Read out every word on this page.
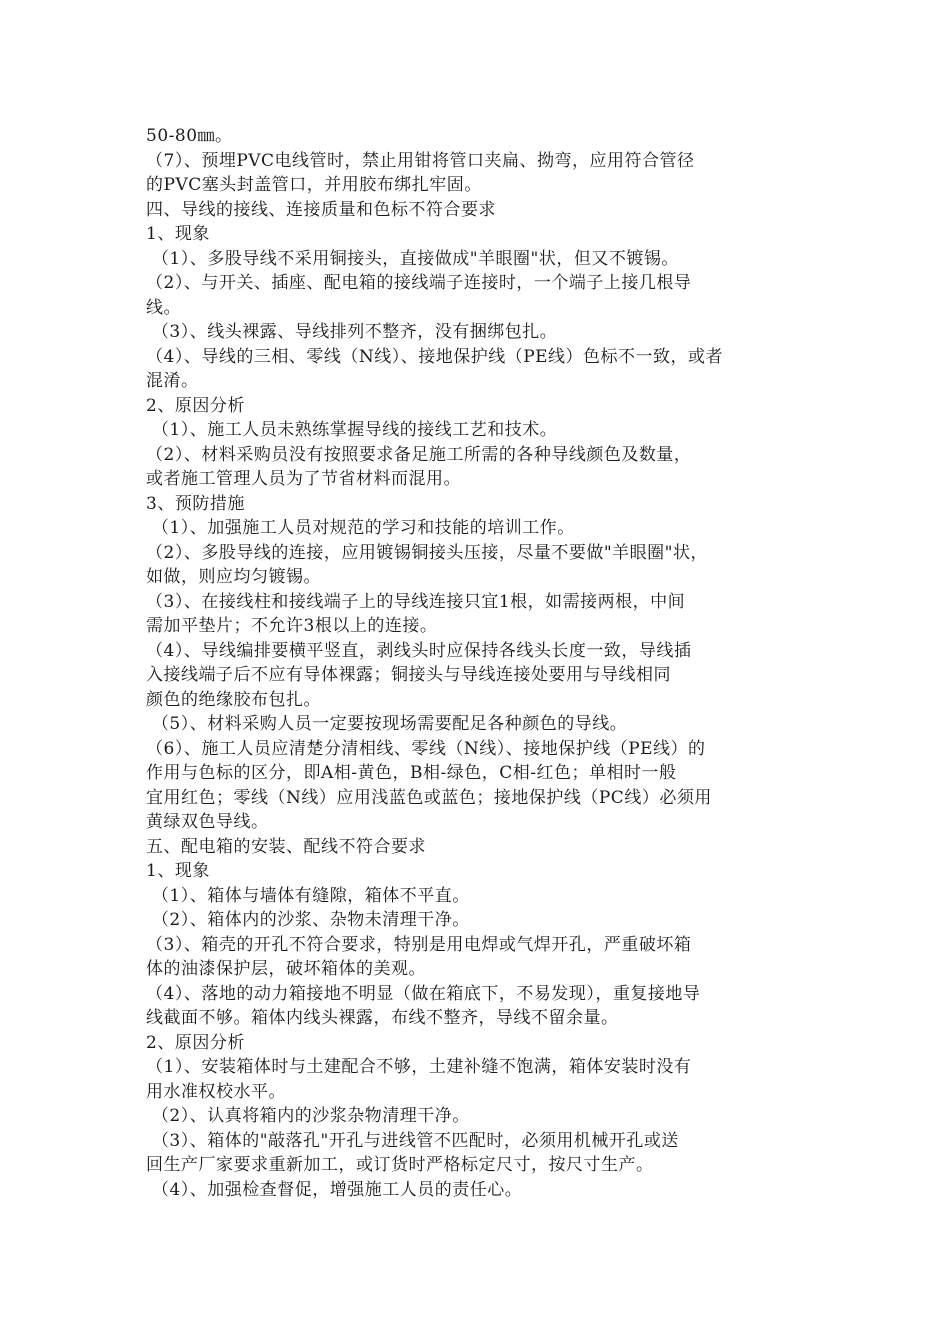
50-80㎜。
（7）、预埋PVC电线管时，禁止用钳将管口夹扁、拗弯，应用符合管径
的PVC塞头封盖管口，并用胶布绑扎牢固。
四、导线的接线、连接质量和色标不符合要求
1、现象
（1）、多股导线不采用铜接头，直接做成"羊眼圈"状，但又不镀锡。
（2）、与开关、插座、配电箱的接线端子连接时，一个端子上接几根导
线。
（3）、线头裸露、导线排列不整齐，没有捆绑包扎。
（4）、导线的三相、零线（N线）、接地保护线（PE线）色标不一致，或者
混淆。
2、原因分析
（1）、施工人员未熟练掌握导线的接线工艺和技术。
（2）、材料采购员没有按照要求备足施工所需的各种导线颜色及数量，
或者施工管理人员为了节省材料而混用。
3、预防措施
（1）、加强施工人员对规范的学习和技能的培训工作。
（2）、多股导线的连接，应用镀锡铜接头压接，尽量不要做"羊眼圈"状，
如做，则应均匀镀锡。
（3）、在接线柱和接线端子上的导线连接只宜1根，如需接两根，中间
需加平垫片；不允许3根以上的连接。
（4）、导线编排要横平竖直，剥线头时应保持各线头长度一致，导线插
入接线端子后不应有导体裸露；铜接头与导线连接处要用与导线相同
颜色的绝缘胶布包扎。
（5）、材料采购人员一定要按现场需要配足各种颜色的导线。
（6）、施工人员应清楚分清相线、零线（N线）、接地保护线（PE线）的
作用与色标的区分，即A相-黄色，B相-绿色，C相-红色；单相时一般
宜用红色；零线（N线）应用浅蓝色或蓝色；接地保护线（PC线）必须用
黄绿双色导线。
五、配电箱的安装、配线不符合要求
1、现象
（1）、箱体与墙体有缝隙，箱体不平直。
（2）、箱体内的沙浆、杂物未清理干净。
（3）、箱壳的开孔不符合要求，特别是用电焊或气焊开孔，严重破坏箱
体的油漆保护层，破坏箱体的美观。
（4）、落地的动力箱接地不明显（做在箱底下，不易发现），重复接地导
线截面不够。箱体内线头裸露，布线不整齐，导线不留余量。
2、原因分析
（1）、安装箱体时与土建配合不够，土建补缝不饱满，箱体安装时没有
用水准权校水平。
（2）、认真将箱内的沙浆杂物清理干净。
（3）、箱体的"敲落孔"开孔与进线管不匹配时，必须用机械开孔或送
回生产厂家要求重新加工，或订货时严格标定尺寸，按尺寸生产。
（4）、加强检查督促，增强施工人员的责任心。
